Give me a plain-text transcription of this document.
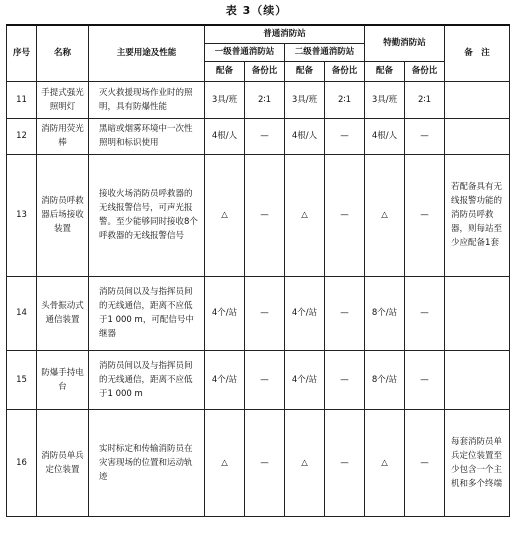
表 3（续）
序号	名称	主要用途及性能	普通消防站				特勤消防站		备　注
			一级普通消防站		二级普通消防站				
			配备	备份比	配备	备份比	配备	备份比	
11	手提式强光照明灯	灭火救援现场作业时的照明，具有防爆性能	3具/班	2∶1	3具/班	2∶1	3具/班	2∶1	
12	消防用荧光棒	黑暗或烟雾环境中一次性照明和标识使用	4根/人	—	4根/人	—	4根/人	—	
13	消防员呼救器后场接收装置	接收火场消防员呼救器的无线报警信号，可声光报警。至少能够同时接收8个呼救器的无线报警信号	△	—	△	—	△	—	若配备具有无线报警功能的消防员呼救器，则每站至少应配备1套
14	头骨振动式通信装置	消防员间以及与指挥员间的无线通信，距离不应低于1 000 m，可配信号中继器	4个/站	—	4个/站	—	8个/站	—	
15	防爆手持电台	消防员间以及与指挥员间的无线通信，距离不应低于1 000 m	4个/站	—	4个/站	—	8个/站	—	
16	消防员单兵定位装置	实时标定和传输消防员在灾害现场的位置和运动轨迹	△	—	△	—	△	—	每套消防员单兵定位装置至少包含一个主机和多个终端
